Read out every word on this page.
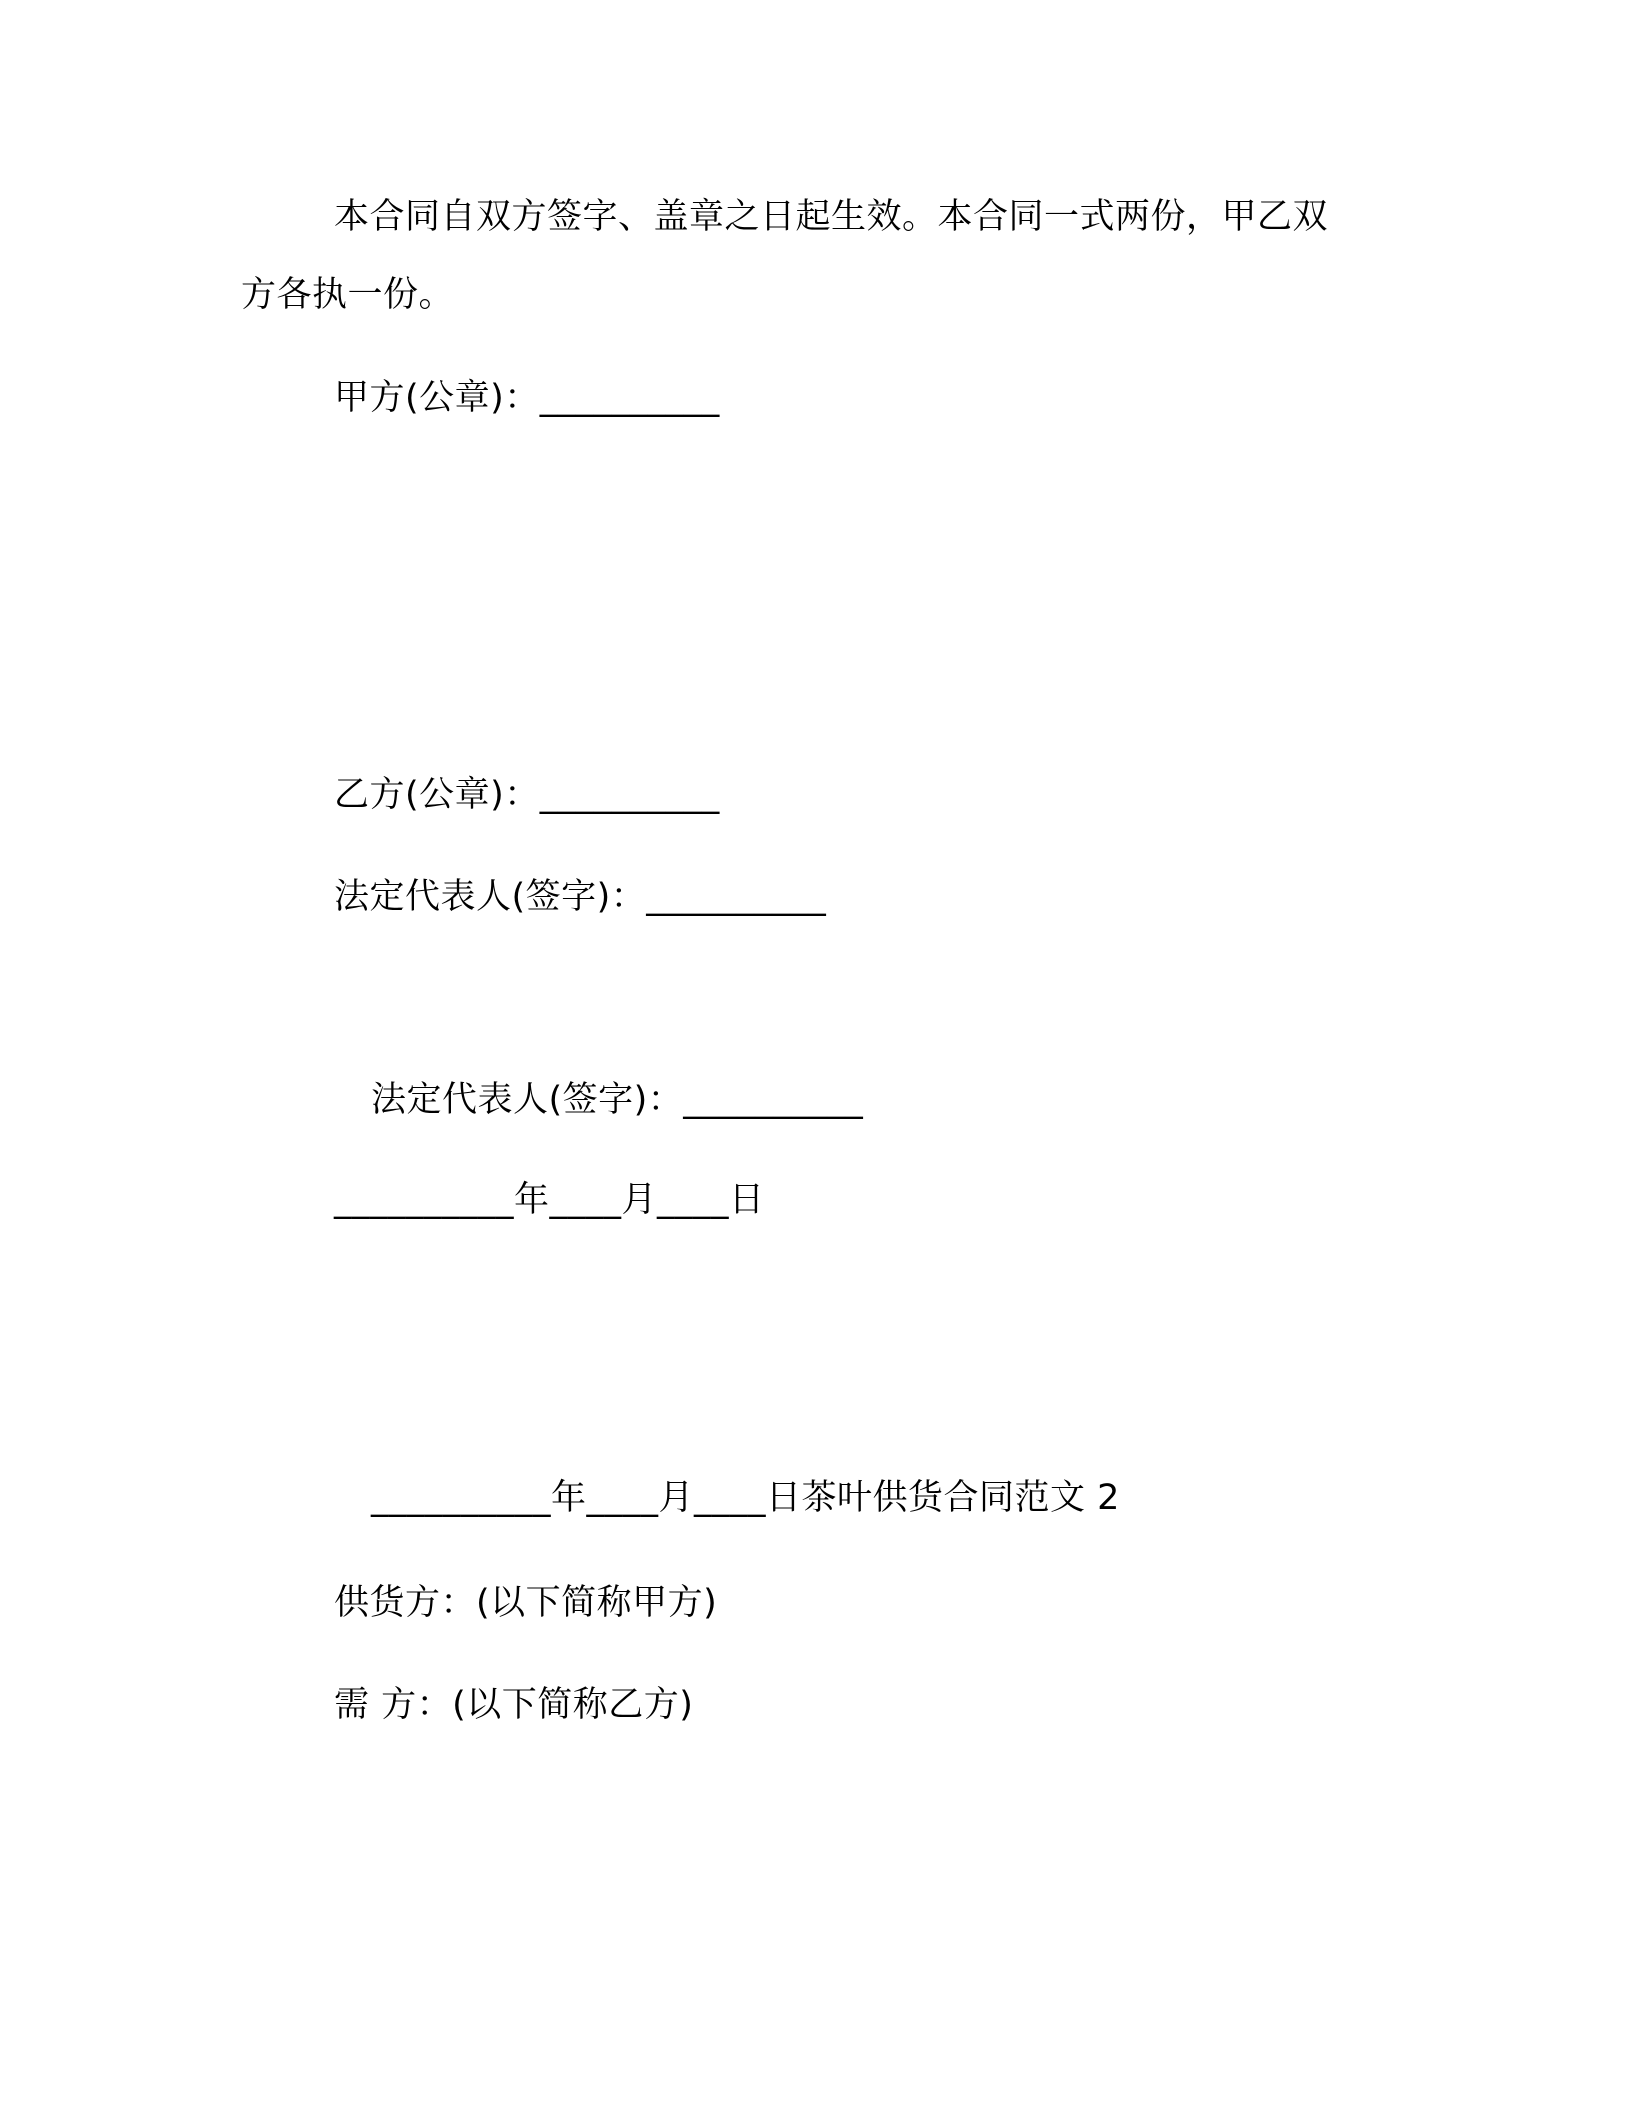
本合同自双方签字、盖章之日起生效。本合同一式两份，甲乙双
方各执一份。
甲方(公章)：__________
乙方(公章)：__________
法定代表人(签字)：__________
法定代表人(签字)：__________
__________年____月____日
__________年____月____日茶叶供货合同范文 2
供货方：(以下简称甲方)
需 方：(以下简称乙方)
